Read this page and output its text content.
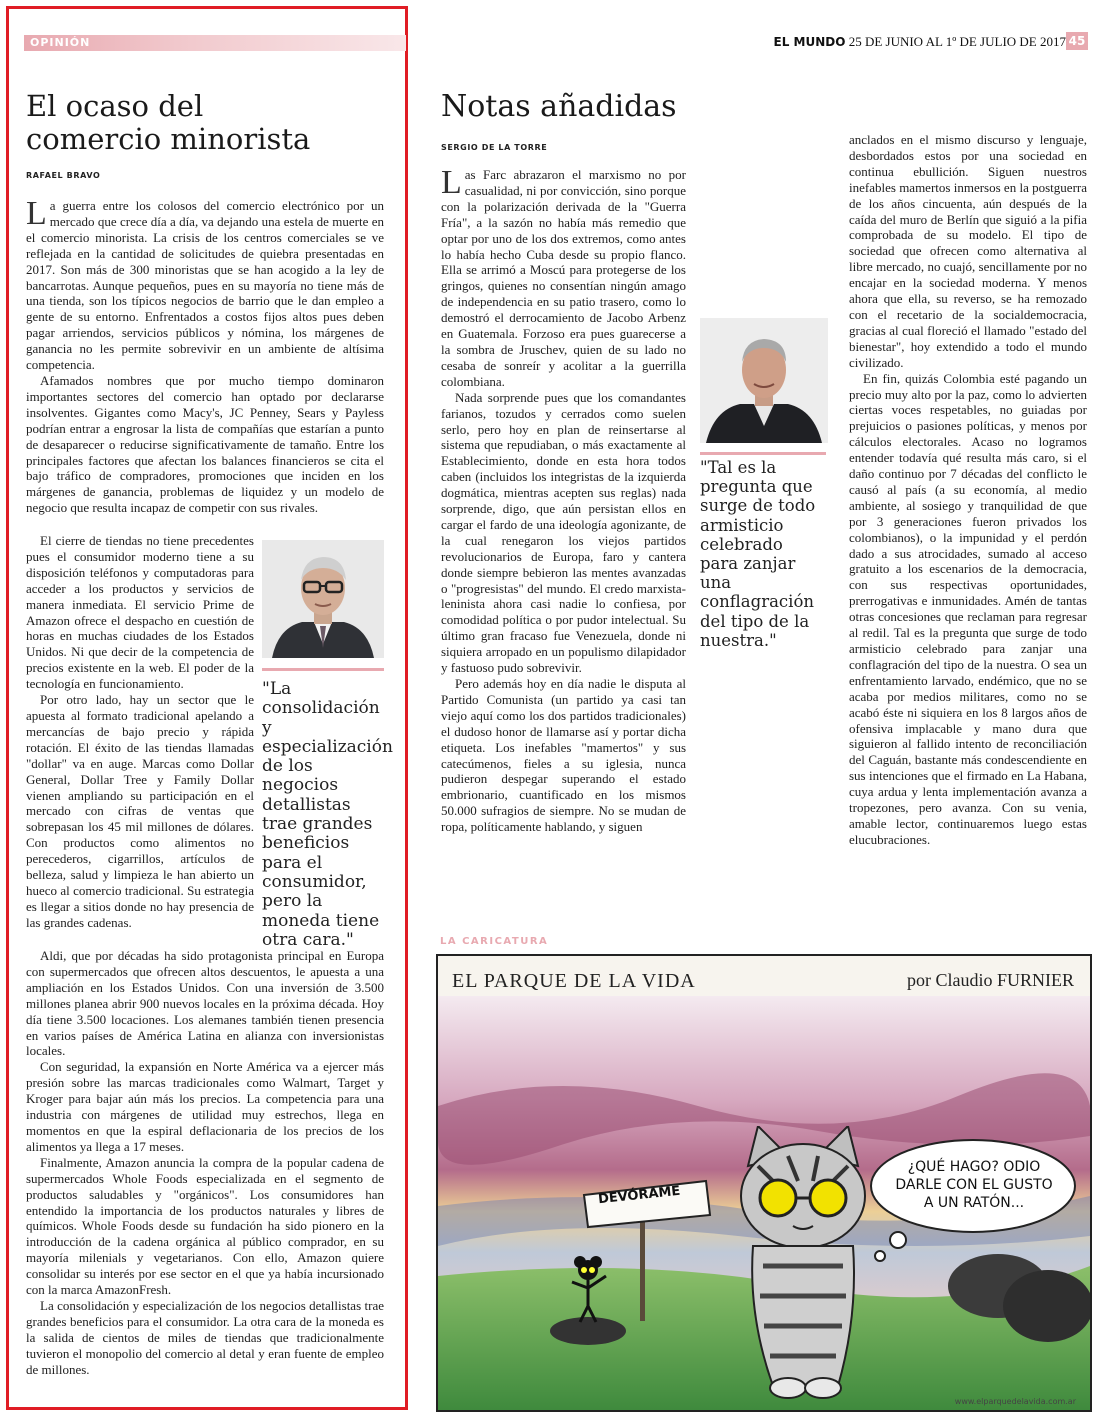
OPINIÓN	EL MUNDO 25 DE JUNIO AL 1º DE JULIO DE 2017 45
El ocaso del
comercio minorista
RAFAEL BRAVO

La guerra entre los colosos del comercio electrónico por un mercado que crece día a día, va dejando una estela de muerte en el comercio minorista. La crisis de los centros comerciales se ve reflejada en la cantidad de solicitudes de quiebra presentadas en 2017. Son más de 300 minoristas que se han acogido a la ley de bancarrotas. Aunque pequeños, pues en su mayoría no tiene más de una tienda, son los típicos negocios de barrio que le dan empleo a gente de su entorno. Enfrentados a costos fijos altos pues deben pagar arriendos, servicios públicos y nómina, los márgenes de ganancia no les permite sobrevivir en un ambiente de altísima competencia.

Afamados nombres que por mucho tiempo dominaron importantes sectores del comercio han optado por declararse insolventes. Gigantes como Macy's, JC Penney, Sears y Payless podrían entrar a engrosar la lista de compañías que estarían a punto de desaparecer o reducirse significativamente de tamaño. Entre los principales factores que afectan los balances financieros se cita el bajo tráfico de compradores, promociones que inciden en los márgenes de ganancia, problemas de liquidez y un modelo de negocio que resulta incapaz de competir con sus rivales.

El cierre de tiendas no tiene precedentes pues el consumidor moderno tiene a su disposición teléfonos y computadoras para acceder a los productos y servicios de manera inmediata. El servicio Prime de Amazon ofrece el despacho en cuestión de horas en muchas ciudades de los Estados Unidos. Ni que decir de la competencia de precios existente en la web. El poder de la tecnología en funcionamiento.

Por otro lado, hay un sector que le apuesta al formato tradicional apelando a mercancías de bajo precio y rápida rotación. El éxito de las tiendas llamadas "dollar" va en auge. Marcas como Dollar General, Dollar Tree y Family Dollar vienen ampliando su participación en el mercado con cifras de ventas que sobrepasan los 45 mil millones de dólares. Con productos como alimentos no perecederos, cigarrillos, artículos de belleza, salud y limpieza le han abierto un hueco al comercio tradicional. Su estrategia es llegar a sitios donde no hay presencia de las grandes cadenas.

"La consolidación y especialización de los negocios detallistas trae grandes beneficios para el consumidor, pero la moneda tiene otra cara."

Aldi, que por décadas ha sido protagonista principal en Europa con supermercados que ofrecen altos descuentos, le apuesta a una ampliación en los Estados Unidos. Con una inversión de 3.500 millones planea abrir 900 nuevos locales en la próxima década. Hoy día tiene 3.500 locaciones. Los alemanes también tienen presencia en varios países de América Latina en alianza con inversionistas locales.

Con seguridad, la expansión en Norte América va a ejercer más presión sobre las marcas tradicionales como Walmart, Target y Kroger para bajar aún más los precios. La competencia para una industria con márgenes de utilidad muy estrechos, llega en momentos en que la espiral deflacionaria de los precios de los alimentos ya llega a 17 meses.

Finalmente, Amazon anuncia la compra de la popular cadena de supermercados Whole Foods especializada en el segmento de productos saludables y "orgánicos". Los consumidores han entendido la importancia de los productos naturales y libres de químicos. Whole Foods desde su fundación ha sido pionero en la introducción de la cadena orgánica al público comprador, en su mayoría milenials y vegetarianos. Con ello, Amazon quiere consolidar su interés por ese sector en el que ya había incursionado con la marca AmazonFresh.

La consolidación y especialización de los negocios detallistas trae grandes beneficios para el consumidor. La otra cara de la moneda es la salida de cientos de miles de tiendas que tradicionalmente tuvieron el monopolio del comercio al detal y eran fuente de empleo de millones.

Notas añadidas
SERGIO DE LA TORRE

Las Farc abrazaron el marxismo no por casualidad, ni por convicción, sino porque con la polarización derivada de la "Guerra Fría", a la sazón no había más remedio que optar por uno de los dos extremos, como antes lo había hecho Cuba desde su propio flanco. Ella se arrimó a Moscú para protegerse de los gringos, quienes no consentían ningún amago de independencia en su patio trasero, como lo demostró el derrocamiento de Jacobo Arbenz en Guatemala. Forzoso era pues guarecerse a la sombra de Jruschev, quien de su lado no cesaba de sonreír y acolitar a la guerrilla colombiana.

Nada sorprende pues que los comandantes farianos, tozudos y cerrados como suelen serlo, pero hoy en plan de reinsertarse al sistema que repudiaban, o más exactamente al Establecimiento, donde en esta hora todos caben (incluidos los integristas de la izquierda dogmática, mientras acepten sus reglas) nada sorprende, digo, que aún persistan ellos en cargar el fardo de una ideología agonizante, de la cual renegaron los viejos partidos revolucionarios de Europa, faro y cantera donde siempre bebieron las mentes avanzadas o "progresistas" del mundo. El credo marxista-leninista ahora casi nadie lo confiesa, por comodidad política o por pudor intelectual. Su último gran fracaso fue Venezuela, donde ni siquiera arropado en un populismo dilapidador y fastuoso pudo sobrevivir.

Pero además hoy en día nadie le disputa al Partido Comunista (un partido ya casi tan viejo aquí como los dos partidos tradicionales) el dudoso honor de llamarse así y portar dicha etiqueta. Los inefables "mamertos" y sus catecúmenos, fieles a su iglesia, nunca pudieron despegar superando el estado embrionario, cuantificado en los mismos 50.000 sufragios de siempre. No se mudan de ropa, políticamente hablando, y siguen

"Tal es la pregunta que surge de todo armisticio celebrado para zanjar una conflagración del tipo de la nuestra."

anclados en el mismo discurso y lenguaje, desbordados estos por una sociedad en continua ebullición. Siguen nuestros inefables mamertos inmersos en la postguerra de los años cincuenta, aún después de la caída del muro de Berlín que siguió a la pifia comprobada de su modelo. El tipo de sociedad que ofrecen como alternativa al libre mercado, no cuajó, sencillamente por no encajar en la sociedad moderna. Y menos ahora que ella, su reverso, se ha remozado con el recetario de la socialdemocracia, gracias al cual floreció el llamado "estado del bienestar", hoy extendido a todo el mundo civilizado.

En fin, quizás Colombia esté pagando un precio muy alto por la paz, como lo advierten ciertas voces respetables, no guiadas por prejuicios o pasiones políticas, y menos por cálculos electorales. Acaso no logramos entender todavía qué resulta más caro, si el daño continuo por 7 décadas del conflicto le causó al país (a su economía, al medio ambiente, al sosiego y tranquilidad de que por 3 generaciones fueron privados los colombianos), o la impunidad y el perdón dado a sus atrocidades, sumado al acceso gratuito a los escenarios de la democracia, con sus respectivas oportunidades, prerrogativas e inmunidades. Amén de tantas otras concesiones que reclaman para regresar al redil. Tal es la pregunta que surge de todo armisticio celebrado para zanjar una conflagración del tipo de la nuestra. O sea un enfrentamiento larvado, endémico, que no se acaba por medios militares, como no se acabó éste ni siquiera en los 8 largos años de ofensiva implacable y mano dura que siguieron al fallido intento de reconciliación del Caguán, bastante más condescendiente en sus intenciones que el firmado en La Habana, cuya ardua y lenta implementación avanza a tropezones, pero avanza. Con su venia, amable lector, continuaremos luego estas elucubraciones.

LA CARICATURA
EL PARQUE DE LA VIDA	por Claudio FURNIER
DEVÓRAME
¿QUÉ HAGO? ODIO
DARLE CON EL GUSTO
A UN RATÓN...
www.elparquedelavida.com.ar
